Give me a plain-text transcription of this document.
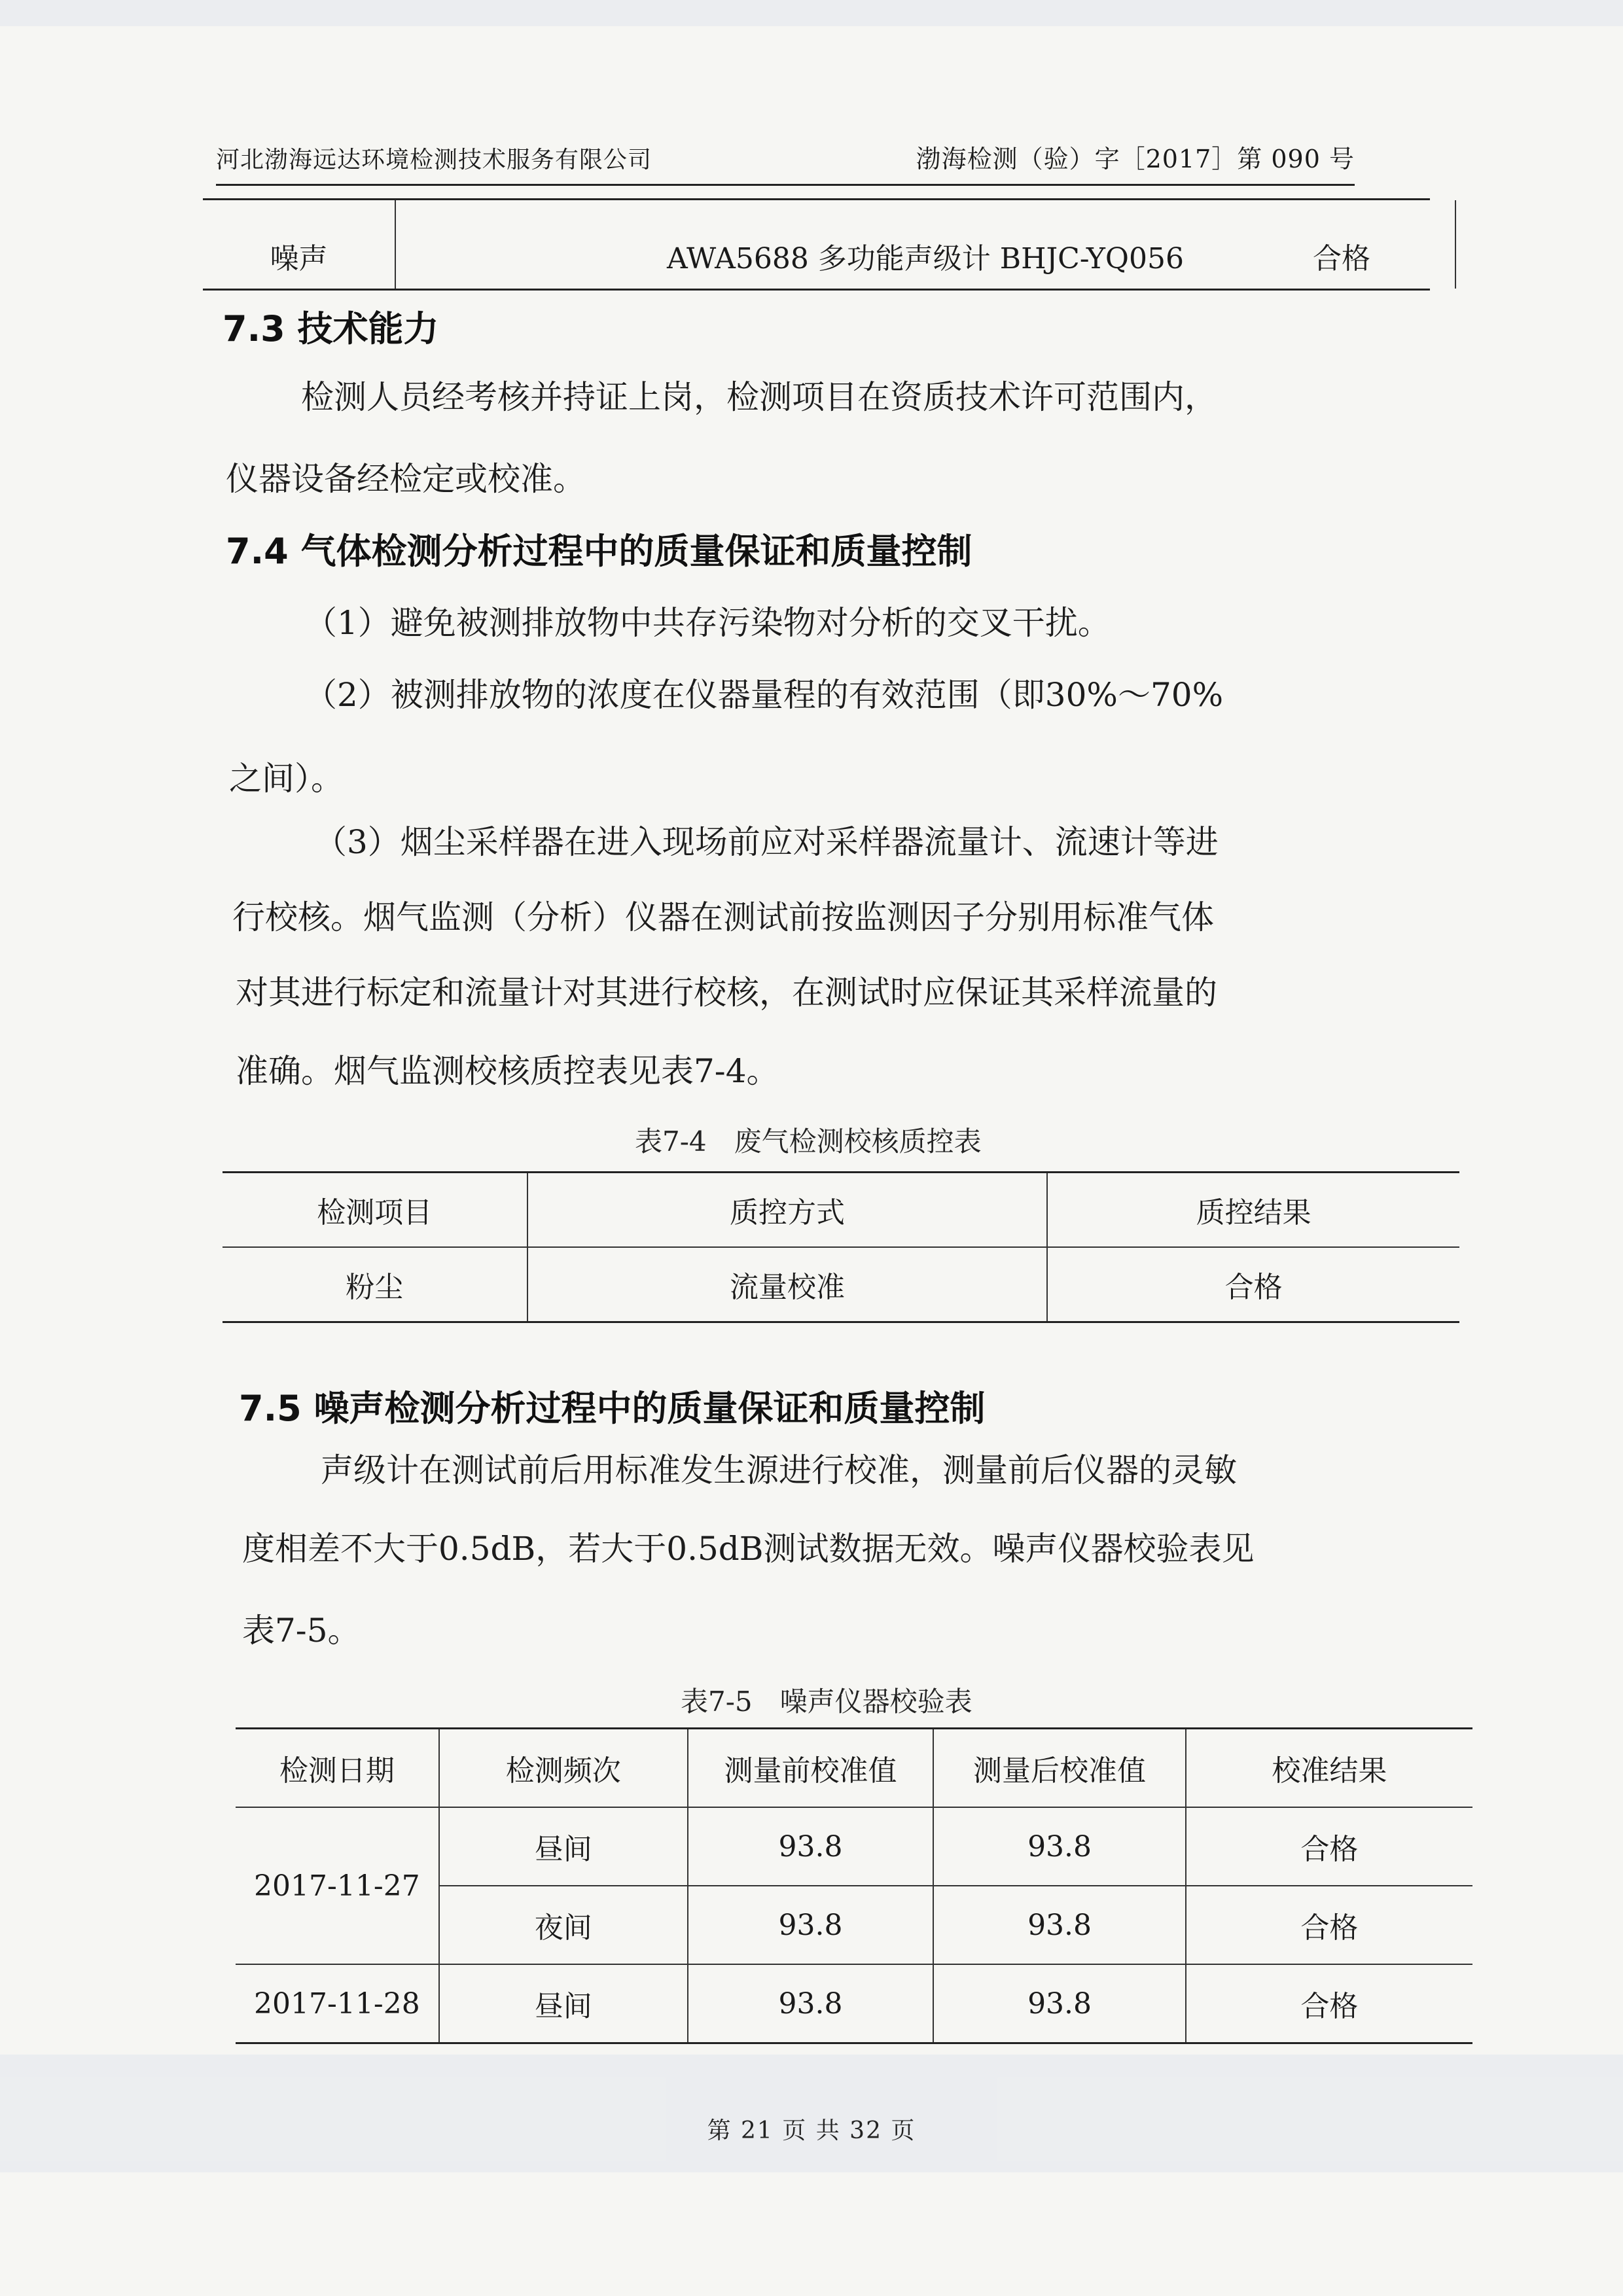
河北渤海远达环境检测技术服务有限公司	渤海检测（验）字［2017］第 090 号
噪声	AWA5688 多功能声级计 BHJC-YQ056	合格
7.3 技术能力
检测人员经考核并持证上岗，检测项目在资质技术许可范围内，
仪器设备经检定或校准。
7.4 气体检测分析过程中的质量保证和质量控制
（1）避免被测排放物中共存污染物对分析的交叉干扰。
（2）被测排放物的浓度在仪器量程的有效范围（即30%～70%
之间）。
（3）烟尘采样器在进入现场前应对采样器流量计、流速计等进
行校核。烟气监测（分析）仪器在测试前按监测因子分别用标准气体
对其进行标定和流量计对其进行校核，在测试时应保证其采样流量的
准确。烟气监测校核质控表见表7-4。
表7-4　废气检测校核质控表
检测项目	质控方式	质控结果
粉尘	流量校准	合格
7.5 噪声检测分析过程中的质量保证和质量控制
声级计在测试前后用标准发生源进行校准，测量前后仪器的灵敏
度相差不大于0.5dB，若大于0.5dB测试数据无效。噪声仪器校验表见
表7-5。
表7-5　噪声仪器校验表
检测日期	检测频次	测量前校准值	测量后校准值	校准结果
2017-11-27	昼间	93.8	93.8	合格
	夜间	93.8	93.8	合格
2017-11-28	昼间	93.8	93.8	合格
第 21 页 共 32 页
